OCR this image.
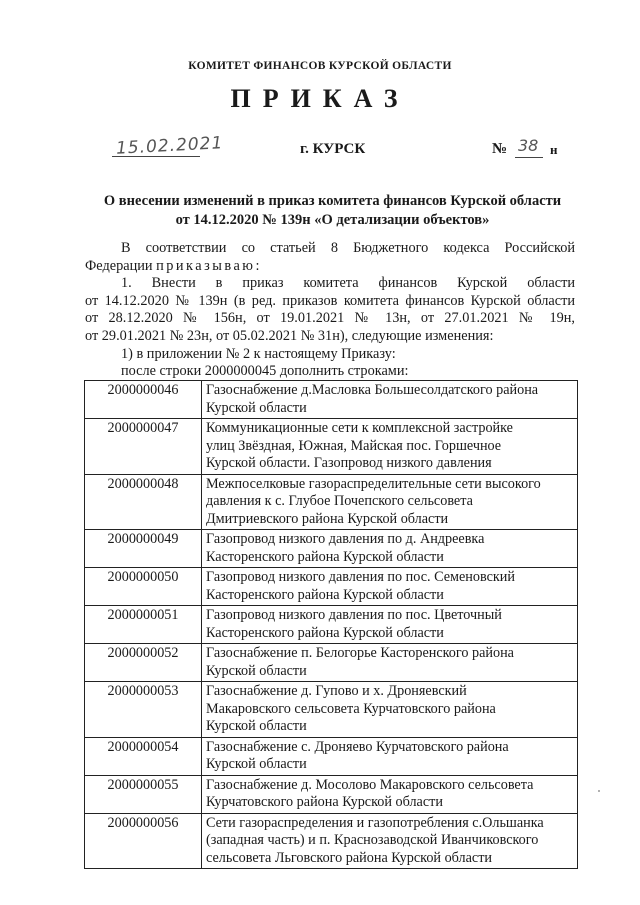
КОМИТЕТ ФИНАНСОВ КУРСКОЙ ОБЛАСТИ
ПРИКАЗ
15.02.2021	г. КУРСК	№ 38 н
О внесении изменений в приказ комитета финансов Курской области
от 14.12.2020 № 139н «О детализации объектов»
В соответствии со статьей 8 Бюджетного кодекса Российской
Федерации приказываю:
1. Внести в приказ комитета финансов Курской области
от 14.12.2020 № 139н (в ред. приказов комитета финансов Курской области
от 28.12.2020 № 156н, от 19.01.2021 № 13н, от 27.01.2021 № 19н,
от 29.01.2021 № 23н, от 05.02.2021 № 31н), следующие изменения:
1) в приложении № 2 к настоящему Приказу:
после строки 2000000045 дополнить строками:
2000000046	Газоснабжение д.Масловка Большесолдатского района
Курской области

2000000047	Коммуникационные сети к комплексной застройке
улиц Звёздная, Южная, Майская пос. Горшечное
Курской области. Газопровод низкого давления

2000000048	Межпоселковые газораспределительные сети высокого
давления к с. Глубое Почепского сельсовета
Дмитриевского района Курской области

2000000049	Газопровод низкого давления по д. Андреевка
Касторенского района Курской области

2000000050	Газопровод низкого давления по пос. Семеновский
Касторенского района Курской области

2000000051	Газопровод низкого давления по пос. Цветочный
Касторенского района Курской области

2000000052	Газоснабжение п. Белогорье Касторенского района
Курской области

2000000053	Газоснабжение д. Гупово и х. Дроняевский
Макаровского сельсовета Курчатовского района
Курской области

2000000054	Газоснабжение с. Дроняево Курчатовского района
Курской области

2000000055	Газоснабжение д. Мосолово Макаровского сельсовета
Курчатовского района Курской области

2000000056	Сети газораспределения и газопотребления с.Ольшанка
(западная часть) и п. Краснозаводской Иванчиковского
сельсовета Льговского района Курской области
